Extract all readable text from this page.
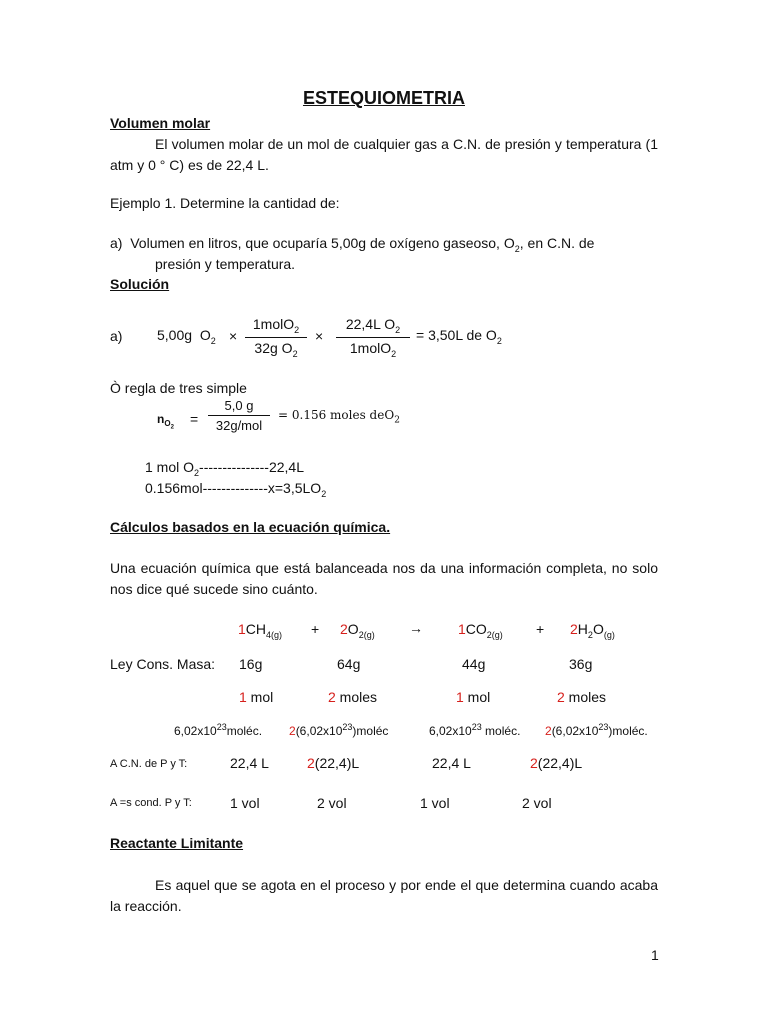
ESTEQUIOMETRIA
Volumen molar
El volumen molar de un mol de cualquier gas a C.N. de presión y temperatura (1 atm y 0 ° C) es de 22,4 L.
Ejemplo 1. Determine la cantidad de:
a) Volumen en litros, que ocuparía 5,00g de oxígeno gaseoso, $O_2$, en C.N. de
presión y temperatura.
Solución
a) 5,00g $O_2$ ×
1molO$_2$
32g $O_2$
×
22,4L $O_2$
1molO$_2$
= 3,50L de $O_2$
Ò regla de tres simple
$n_{O_2}$
=
5,0 g
32g/mol
= 0.156 moles deO$_2$
1 mol $O_2---------------22,4L$
$0.156mol--------------x=3,5LO_2$
Cálculos basados en la ecuación química.
Una ecuación química que está balanceada nos da una información completa, no solo nos dice qué sucede sino cuánto.
$1CH_{4(g)} + 2O_{2(g)}$ →	$1CO_{2(g)} + 2H_2O_{(g)}$
Ley Cons. Masa: 16g	64g	44g	36g
1 mol	2 moles	1 mol	2 moles
$6,02x10^{23}moléc$. $2(6,02x10^{23})moléc$	$6,02x10^{23}$ moléc. $2(6,02x10^{23})moléc$.
A C.N. de P y T:	22,4 L	2(22,4)L	22,4 L	2(22,4)L
A =s cond. P y T:	1 vol	2 vol	1 vol	2 vol
Reactante Limitante
Es aquel que se agota en el proceso y por ende el que determina cuando acaba la reacción.
1
